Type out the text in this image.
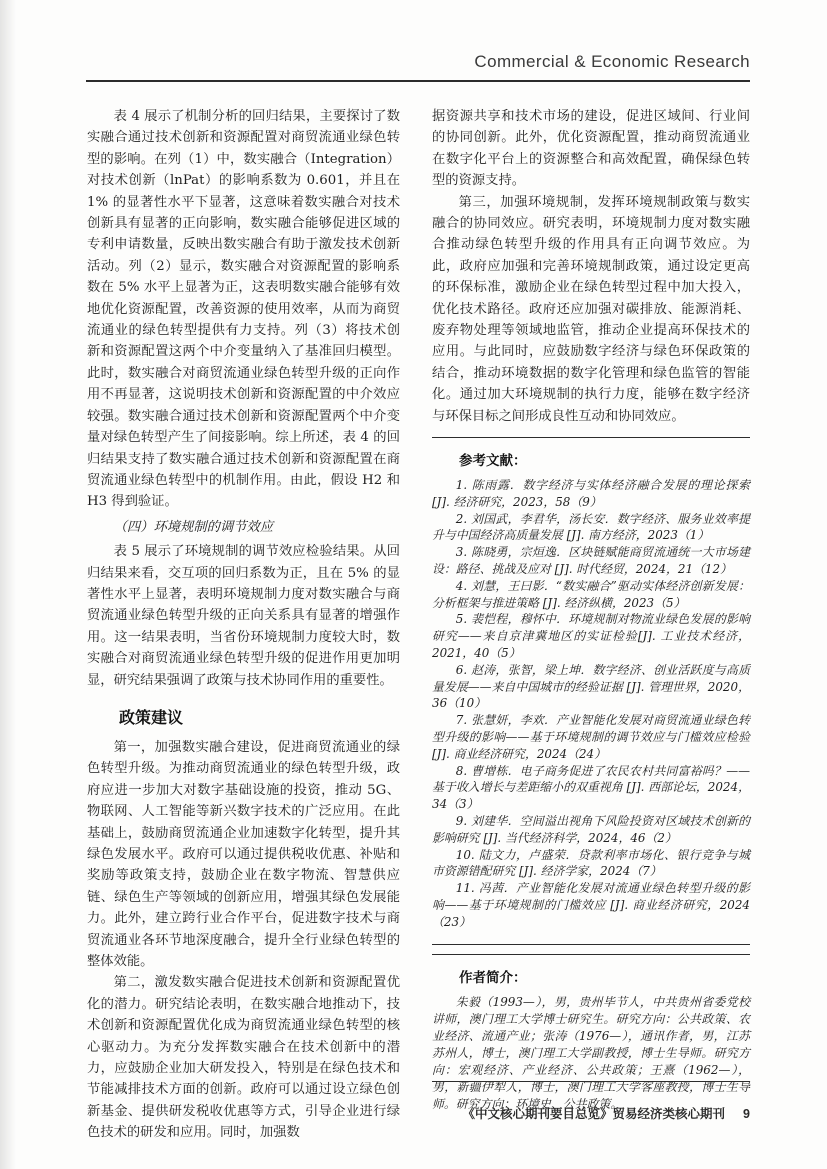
Commercial & Economic Research

表 4 展示了机制分析的回归结果，主要探讨了数实融合通过技术创新和资源配置对商贸流通业绿色转型的影响。在列（1）中，数实融合（Integration）对技术创新（lnPat）的影响系数为 0.601，并且在 1% 的显著性水平下显著，这意味着数实融合对技术创新具有显著的正向影响，数实融合能够促进区域的专利申请数量，反映出数实融合有助于激发技术创新活动。列（2）显示，数实融合对资源配置的影响系数在 5% 水平上显著为正，这表明数实融合能够有效地优化资源配置，改善资源的使用效率，从而为商贸流通业的绿色转型提供有力支持。列（3）将技术创新和资源配置这两个中介变量纳入了基准回归模型。此时，数实融合对商贸流通业绿色转型升级的正向作用不再显著，这说明技术创新和资源配置的中介效应较强。数实融合通过技术创新和资源配置两个中介变量对绿色转型产生了间接影响。综上所述，表 4 的回归结果支持了数实融合通过技术创新和资源配置在商贸流通业绿色转型中的机制作用。由此，假设 H2 和 H3 得到验证。

（四）环境规制的调节效应

表 5 展示了环境规制的调节效应检验结果。从回归结果来看，交互项的回归系数为正，且在 5% 的显著性水平上显著，表明环境规制力度对数实融合与商贸流通业绿色转型升级的正向关系具有显著的增强作用。这一结果表明，当省份环境规制力度较大时，数实融合对商贸流通业绿色转型升级的促进作用更加明显，研究结果强调了政策与技术协同作用的重要性。

政策建议

第一，加强数实融合建设，促进商贸流通业的绿色转型升级。为推动商贸流通业的绿色转型升级，政府应进一步加大对数字基础设施的投资，推动 5G、物联网、人工智能等新兴数字技术的广泛应用。在此基础上，鼓励商贸流通企业加速数字化转型，提升其绿色发展水平。政府可以通过提供税收优惠、补贴和奖励等政策支持，鼓励企业在数字物流、智慧供应链、绿色生产等领域的创新应用，增强其绿色发展能力。此外，建立跨行业合作平台，促进数字技术与商贸流通业各环节地深度融合，提升全行业绿色转型的整体效能。

第二，激发数实融合促进技术创新和资源配置优化的潜力。研究结论表明，在数实融合地推动下，技术创新和资源配置优化成为商贸流通业绿色转型的核心驱动力。为充分发挥数实融合在技术创新中的潜力，应鼓励企业加大研发投入，特别是在绿色技术和节能减排技术方面的创新。政府可以通过设立绿色创新基金、提供研发税收优惠等方式，引导企业进行绿色技术的研发和应用。同时，加强数

据资源共享和技术市场的建设，促进区域间、行业间的协同创新。此外，优化资源配置，推动商贸流通业在数字化平台上的资源整合和高效配置，确保绿色转型的资源支持。

第三，加强环境规制，发挥环境规制政策与数实融合的协同效应。研究表明，环境规制力度对数实融合推动绿色转型升级的作用具有正向调节效应。为此，政府应加强和完善环境规制政策，通过设定更高的环保标准，激励企业在绿色转型过程中加大投入，优化技术路径。政府还应加强对碳排放、能源消耗、废弃物处理等领域地监管，推动企业提高环保技术的应用。与此同时，应鼓励数字经济与绿色环保政策的结合，推动环境数据的数字化管理和绿色监管的智能化。通过加大环境规制的执行力度，能够在数字经济与环保目标之间形成良性互动和协同效应。

参考文献：
1. 陈雨露．数字经济与实体经济融合发展的理论探索[J]. 经济研究，2023，58（9）
2. 刘国武，李君华，汤长安．数字经济、服务业效率提升与中国经济高质量发展 [J]. 南方经济，2023（1）
3. 陈晓勇，宗烜逸．区块链赋能商贸流通统一大市场建设：路径、挑战及应对 [J]. 时代经贸，2024，21（12）
4. 刘慧，王曰影．“数实融合”驱动实体经济创新发展：分析框架与推进策略 [J]. 经济纵横，2023（5）
5. 裴恺程，穆怀中．环境规制对物流业绿色发展的影响研究——来自京津冀地区的实证检验[J]. 工业技术经济，2021，40（5）
6. 赵涛，张智，梁上坤．数字经济、创业活跃度与高质量发展——来自中国城市的经验证据 [J]. 管理世界，2020，36（10）
7. 张慧妍，李欢．产业智能化发展对商贸流通业绿色转型升级的影响——基于环境规制的调节效应与门槛效应检验 [J]. 商业经济研究，2024（24）
8. 曹增栋．电子商务促进了农民农村共同富裕吗？——基于收入增长与差距缩小的双重视角 [J]. 西部论坛，2024，34（3）
9. 刘建华．空间溢出视角下风险投资对区域技术创新的影响研究 [J]. 当代经济科学，2024，46（2）
10. 陆文力，卢盛荣．贷款利率市场化、银行竞争与城市资源错配研究 [J]. 经济学家，2024（7）
11. 冯茜．产业智能化发展对流通业绿色转型升级的影响——基于环境规制的门槛效应 [J]. 商业经济研究，2024（23）
作者简介：

朱毅（1993—），男，贵州毕节人，中共贵州省委党校讲师，澳门理工大学博士研究生。研究方向：公共政策、农业经济、流通产业；张涛（1976—），通讯作者，男，江苏苏州人，博士，澳门理工大学副教授，博士生导师。研究方向：宏观经济、产业经济、公共政策；王熹（1962—），男，新疆伊犁人，博士，澳门理工大学客座教授，博士生导师。研究方向：环境史、公共政策。

《中文核心期刊要目总览》贸易经济类核心期刊 9
